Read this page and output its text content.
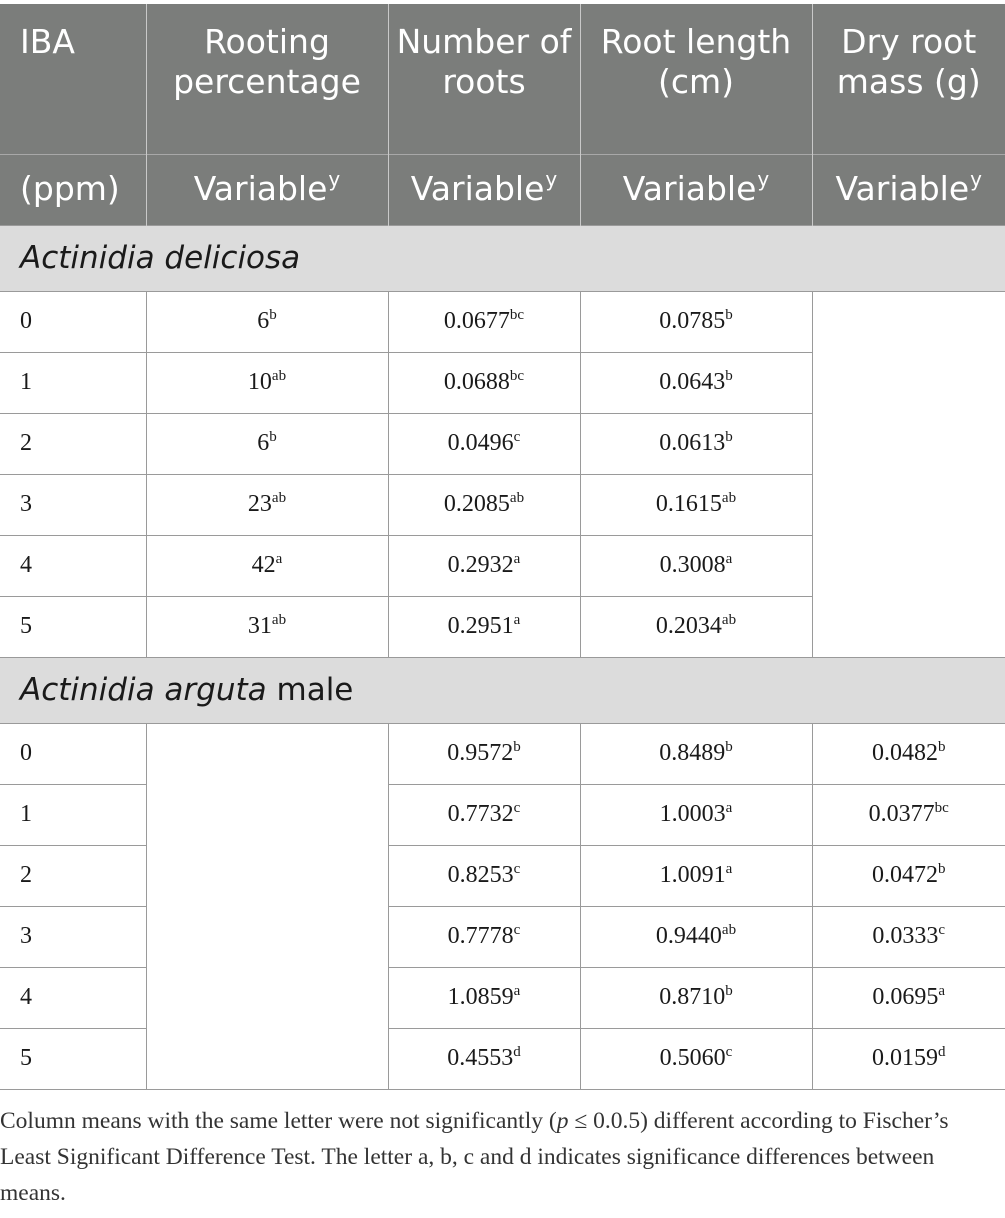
IBA	Rooting percentage	Number of roots	Root length (cm)	Dry root mass (g)
(ppm)	Variable$^y$	Variable$^y$	Variable$^y$	Variable$^y$
Actinidia deliciosa				
0	6$^b$	0.0677$^{bc}$	0.0785$^b$	
1	$10^{ab}$	0.0688$^{bc}$	0.0643$^b$
2	6$^b$	0.0496$^c$	0.0613$^b$
3	$23^{ab}$	0.2085$^{ab}$	0.1615$^{ab}$
4	42$^a$	0.2932$^a$	0.3008$^a$
5	$31^{ab}$	0.2951$^a$	0.2034$^{ab}$
Actinidia arguta male				
0		0.9572$^b$	0.8489$^b$	0.0482$^b$
1		0.7732$^c$	1.0003$^a$	0.0377$^{bc}$
2		0.8253$^c$	1.0091$^a$	0.0472$^b$
3		0.7778$^c$	0.9440$^{ab}$	0.0333$^c$
4		1.0859$^a$	0.8710$^b$	0.0695$^a$
5		0.4553$^d$	0.5060$^c$	0.0159$^d$
Column means with the same letter were not significantly (p ≤ 0.0.5) different according to Fischer’s Least Significant Difference Test. The letter a, b, c and d indicates significance differences between means.
